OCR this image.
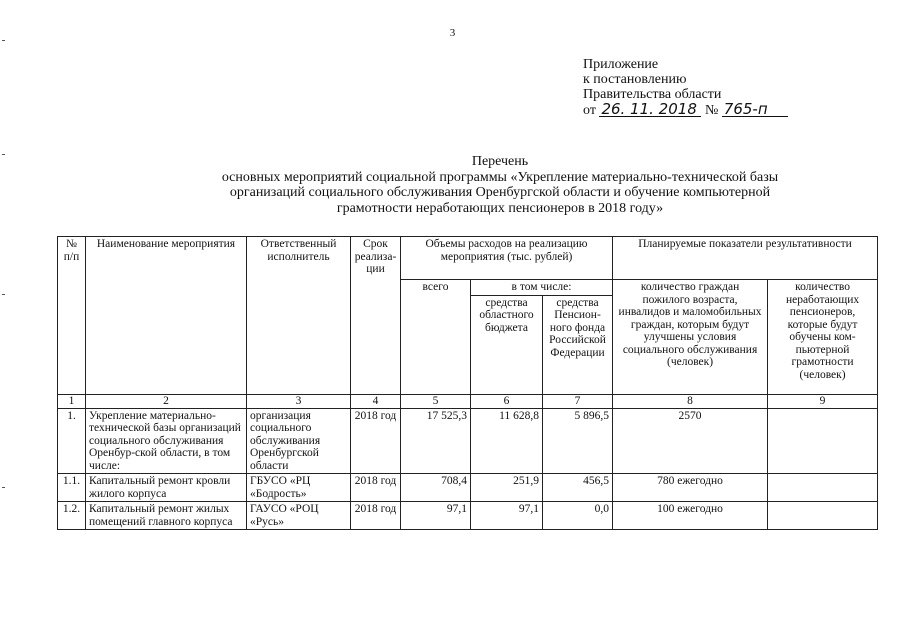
3
Приложение
к постановлению
Правительства области
от 26. 11. 2018 № 765-п
Перечень
основных мероприятий социальной программы «Укрепление материально-технической базы
организаций социального обслуживания Оренбургской области и обучение компьютерной
грамотности неработающих пенсионеров в 2018 году»
№ п/п	Наименование мероприятия	Ответственный исполнитель	Срок реализа-ции	Объемы расходов на реализацию мероприятия (тыс. рублей)			Планируемые показатели результативности	
				всего	в том числе:		количество граждан пожилого возраста, инвалидов и маломобильных граждан, которым будут улучшены условия социального обслуживания (человек)	количество неработающих пенсионеров, которые будут обучены ком-пьютерной грамотности (человек)
					средства областного бюджета	средства Пенсион-ного фонда Российской Федерации		
1	2	3	4	5	6	7	8	9
1.	Укрепление материально-технической базы организаций социального обслуживания Оренбур-ской области, в том числе:	организация социального обслуживания Оренбургской области	2018 год	17 525,3	11 628,8	5 896,5	2570	
1.1.	Капитальный ремонт кровли жилого корпуса	ГБУСО «РЦ «Бодрость»	2018 год	708,4	251,9	456,5	780 ежегодно	
1.2.	Капитальный ремонт жилых помещений главного корпуса	ГАУСО «РОЦ «Русь»	2018 год	97,1	97,1	0,0	100 ежегодно	
